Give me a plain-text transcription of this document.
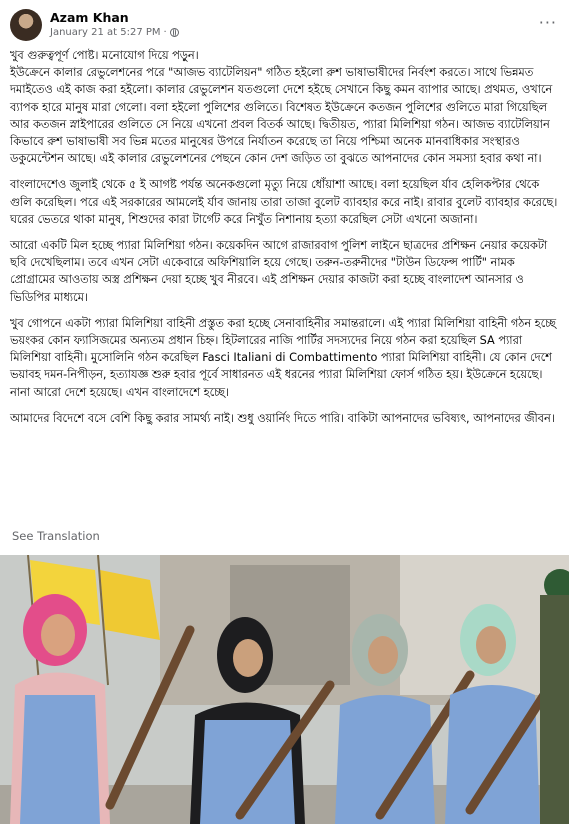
Azam Khan
January 21 at 5:27 PM ·
···

খুব গুরুত্বপূর্ণ পোষ্ট। মনোযোগ দিয়ে পড়ুন।
ইউক্রেনে কালার রেভুলেশনের পরে "আজভ ব্যাটেলিয়ন" গঠিত হইলো রুশ ভাষাভাষীদের নির্বংশ করতে। সাথে ভিন্নমত দমাইতেও এই কাজ করা হইলো। কালার রেভুলেশন যতগুলো দেশে হইছে সেখানে কিছু কমন ব্যাপার আছে। প্রথমত, ওখানে ব্যাপক হারে মানুষ মারা গেলো। বলা হইলো পুলিশের গুলিতে। বিশেষত ইউক্রেনে কতজন পুলিশের গুলিতে মারা গিয়েছিল আর কতজন স্নাইপারের গুলিতে সে নিয়ে এখনো প্রবল বিতর্ক আছে। দ্বিতীয়ত, প্যারা মিলিশিয়া গঠন। আজভ ব্যাটেলিয়ান কিভাবে রুশ ভাষাভাষী সব ভিন্ন মতের মানুষের উপরে নির্যাতন করেছে তা নিয়ে পশ্চিমা অনেক মানবাধিকার সংস্থারও ডকুমেন্টেশন আছে। এই কালার রেভুলেশনের পেছনে কোন দেশ জড়িত তা বুঝতে আপনাদের কোন সমস্যা হবার কথা না।

বাংলাদেশেও জুলাই থেকে ৫ ই আগষ্ট পর্যন্ত অনেকগুলো মৃত্যু নিয়ে ধোঁয়াশা আছে। বলা হয়েছিল র্যাব হেলিকপ্টার থেকে গুলি করেছিল। পরে এই সরকারের আমলেই র্যাব জানায় তারা তাজা বুলেট ব্যাবহার করে নাই। রাবার বুলেট ব্যাবহার করেছে। ঘরের ভেতরে থাকা মানুষ, শিশুদের কারা টার্গেট করে নিখুঁত নিশানায় হত্যা করেছিল সেটা এখনো অজানা।

আরো একটি মিল হচ্ছে প্যারা মিলিশিয়া গঠন। কয়েকদিন আগে রাজারবাগ পুলিশ লাইনে ছাত্রদের প্রশিক্ষন নেয়ার কয়েকটা ছবি দেখেছিলাম। তবে এখন সেটা একেবারে অফিশিয়ালি হয়ে গেছে। তরুন-তরুনীদের "টাউন ডিফেন্স পার্টি" নামক প্রোগ্রামের আওতায় অস্ত্র প্রশিক্ষন দেয়া হচ্ছে খুব নীরবে। এই প্রশিক্ষন দেয়ার কাজটা করা হচ্ছে বাংলাদেশ আনসার ও ভিডিপির মাধ্যমে।

খুব গোপনে একটা প্যারা মিলিশিয়া বাহিনী প্রস্তুত করা হচ্ছে সেনাবাহিনীর সমান্তরালে। এই প্যারা মিলিশিয়া বাহিনী গঠন হচ্ছে ভয়ংকর কোন ফ্যাসিজমের অন্যতম প্রধান চিহ্ন। হিটলারের নাজি পার্টির সদস্যদের নিয়ে গঠন করা হয়েছিল SA প্যারা মিলিশিয়া বাহিনী। মুসোলিনি গঠন করেছিল Fasci Italiani di Combattimento প্যারা মিলিশিয়া বাহিনী। যে কোন দেশে ভয়াবহ দমন-নিপীড়ন, হত্যাযজ্ঞ শুরু হবার পূর্বে সাধারনত এই ধরনের প্যারা মিলিশিয়া ফোর্স গঠিত হয়। ইউক্রেনে হয়েছে। নানা আরো দেশে হয়েছে। এখন বাংলাদেশে হচ্ছে।

আমাদের বিদেশে বসে বেশি কিছু করার সামর্থ্য নাই। শুধু ওয়ার্নিং দিতে পারি। বাকিটা আপনাদের ভবিষ্যৎ, আপনাদের জীবন।

See Translation
